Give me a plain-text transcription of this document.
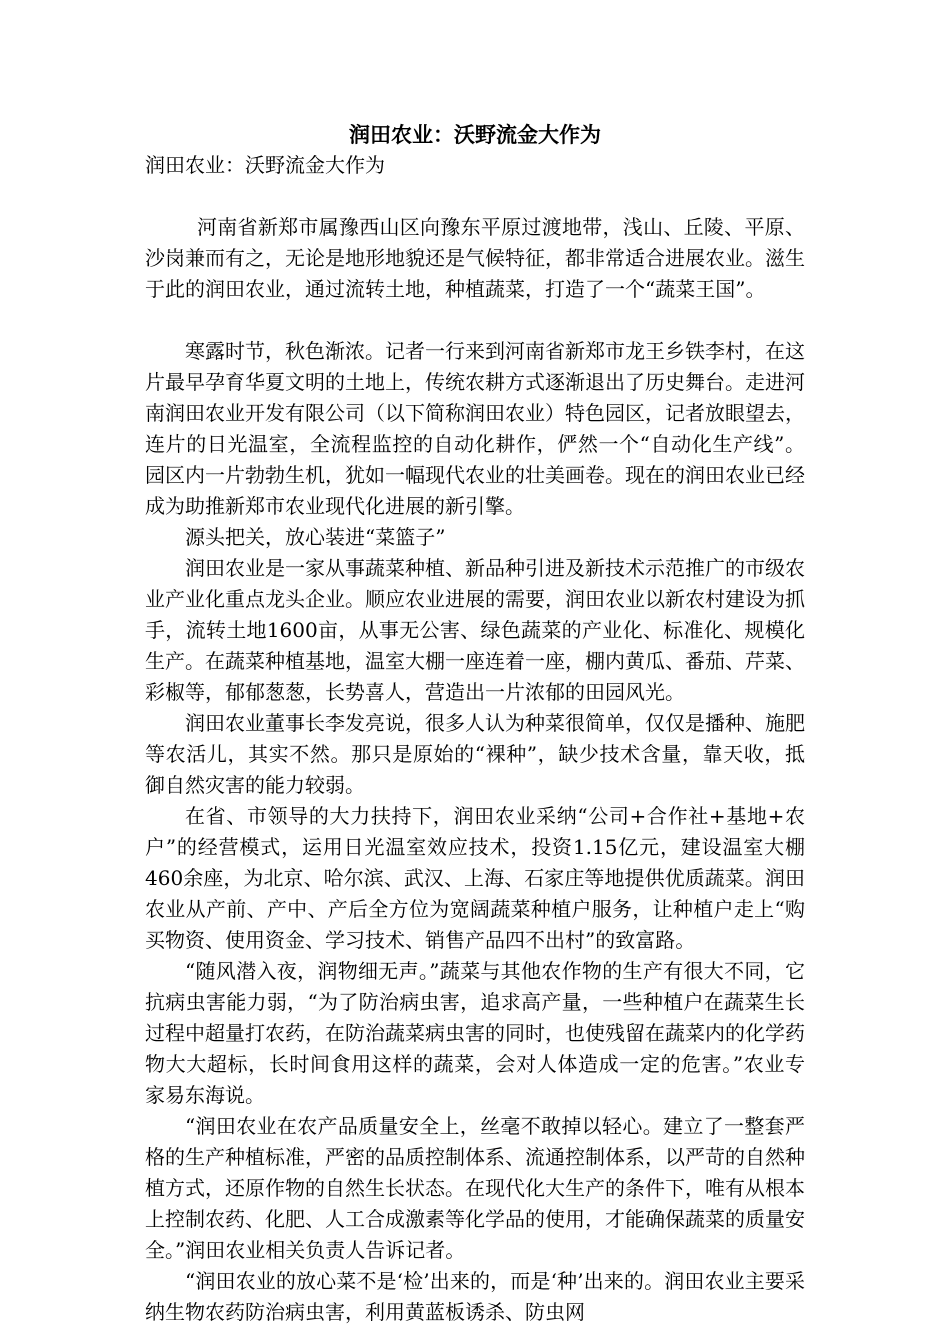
润田农业：沃野流金大作为

润田农业：沃野流金大作为

河南省新郑市属豫西山区向豫东平原过渡地带，浅山、丘陵、平原、沙岗兼而有之，无论是地形地貌还是气候特征，都非常适合进展农业。滋生于此的润田农业，通过流转土地，种植蔬菜，打造了一个“蔬菜王国”。

寒露时节，秋色渐浓。记者一行来到河南省新郑市龙王乡铁李村，在这片最早孕育华夏文明的土地上，传统农耕方式逐渐退出了历史舞台。走进河南润田农业开发有限公司（以下简称润田农业）特色园区，记者放眼望去，连片的日光温室，全流程监控的自动化耕作，俨然一个“自动化生产线”。园区内一片勃勃生机，犹如一幅现代农业的壮美画卷。现在的润田农业已经成为助推新郑市农业现代化进展的新引擎。

源头把关，放心装进“菜篮子”

润田农业是一家从事蔬菜种植、新品种引进及新技术示范推广的市级农业产业化重点龙头企业。顺应农业进展的需要，润田农业以新农村建设为抓手，流转土地1600亩，从事无公害、绿色蔬菜的产业化、标准化、规模化生产。在蔬菜种植基地，温室大棚一座连着一座，棚内黄瓜、番茄、芹菜、彩椒等，郁郁葱葱，长势喜人，营造出一片浓郁的田园风光。

润田农业董事长李发亮说，很多人认为种菜很简单，仅仅是播种、施肥等农活儿，其实不然。那只是原始的“裸种”，缺少技术含量，靠天收，抵御自然灾害的能力较弱。

在省、市领导的大力扶持下，润田农业采纳“公司+合作社+基地+农户”的经营模式，运用日光温室效应技术，投资1.15亿元，建设温室大棚460余座，为北京、哈尔滨、武汉、上海、石家庄等地提供优质蔬菜。润田农业从产前、产中、产后全方位为宽阔蔬菜种植户服务，让种植户走上“购买物资、使用资金、学习技术、销售产品四不出村”的致富路。

“随风潜入夜，润物细无声。”蔬菜与其他农作物的生产有很大不同，它抗病虫害能力弱，“为了防治病虫害，追求高产量，一些种植户在蔬菜生长过程中超量打农药，在防治蔬菜病虫害的同时，也使残留在蔬菜内的化学药物大大超标，长时间食用这样的蔬菜，会对人体造成一定的危害。”农业专家易东海说。

“润田农业在农产品质量安全上，丝毫不敢掉以轻心。建立了一整套严格的生产种植标准，严密的品质控制体系、流通控制体系，以严苛的自然种植方式，还原作物的自然生长状态。在现代化大生产的条件下，唯有从根本上控制农药、化肥、人工合成激素等化学品的使用，才能确保蔬菜的质量安全。”润田农业相关负责人告诉记者。

“润田农业的放心菜不是‘检’出来的，而是‘种’出来的。润田农业主要采纳生物农药防治病虫害，利用黄蓝板诱杀、防虫网
